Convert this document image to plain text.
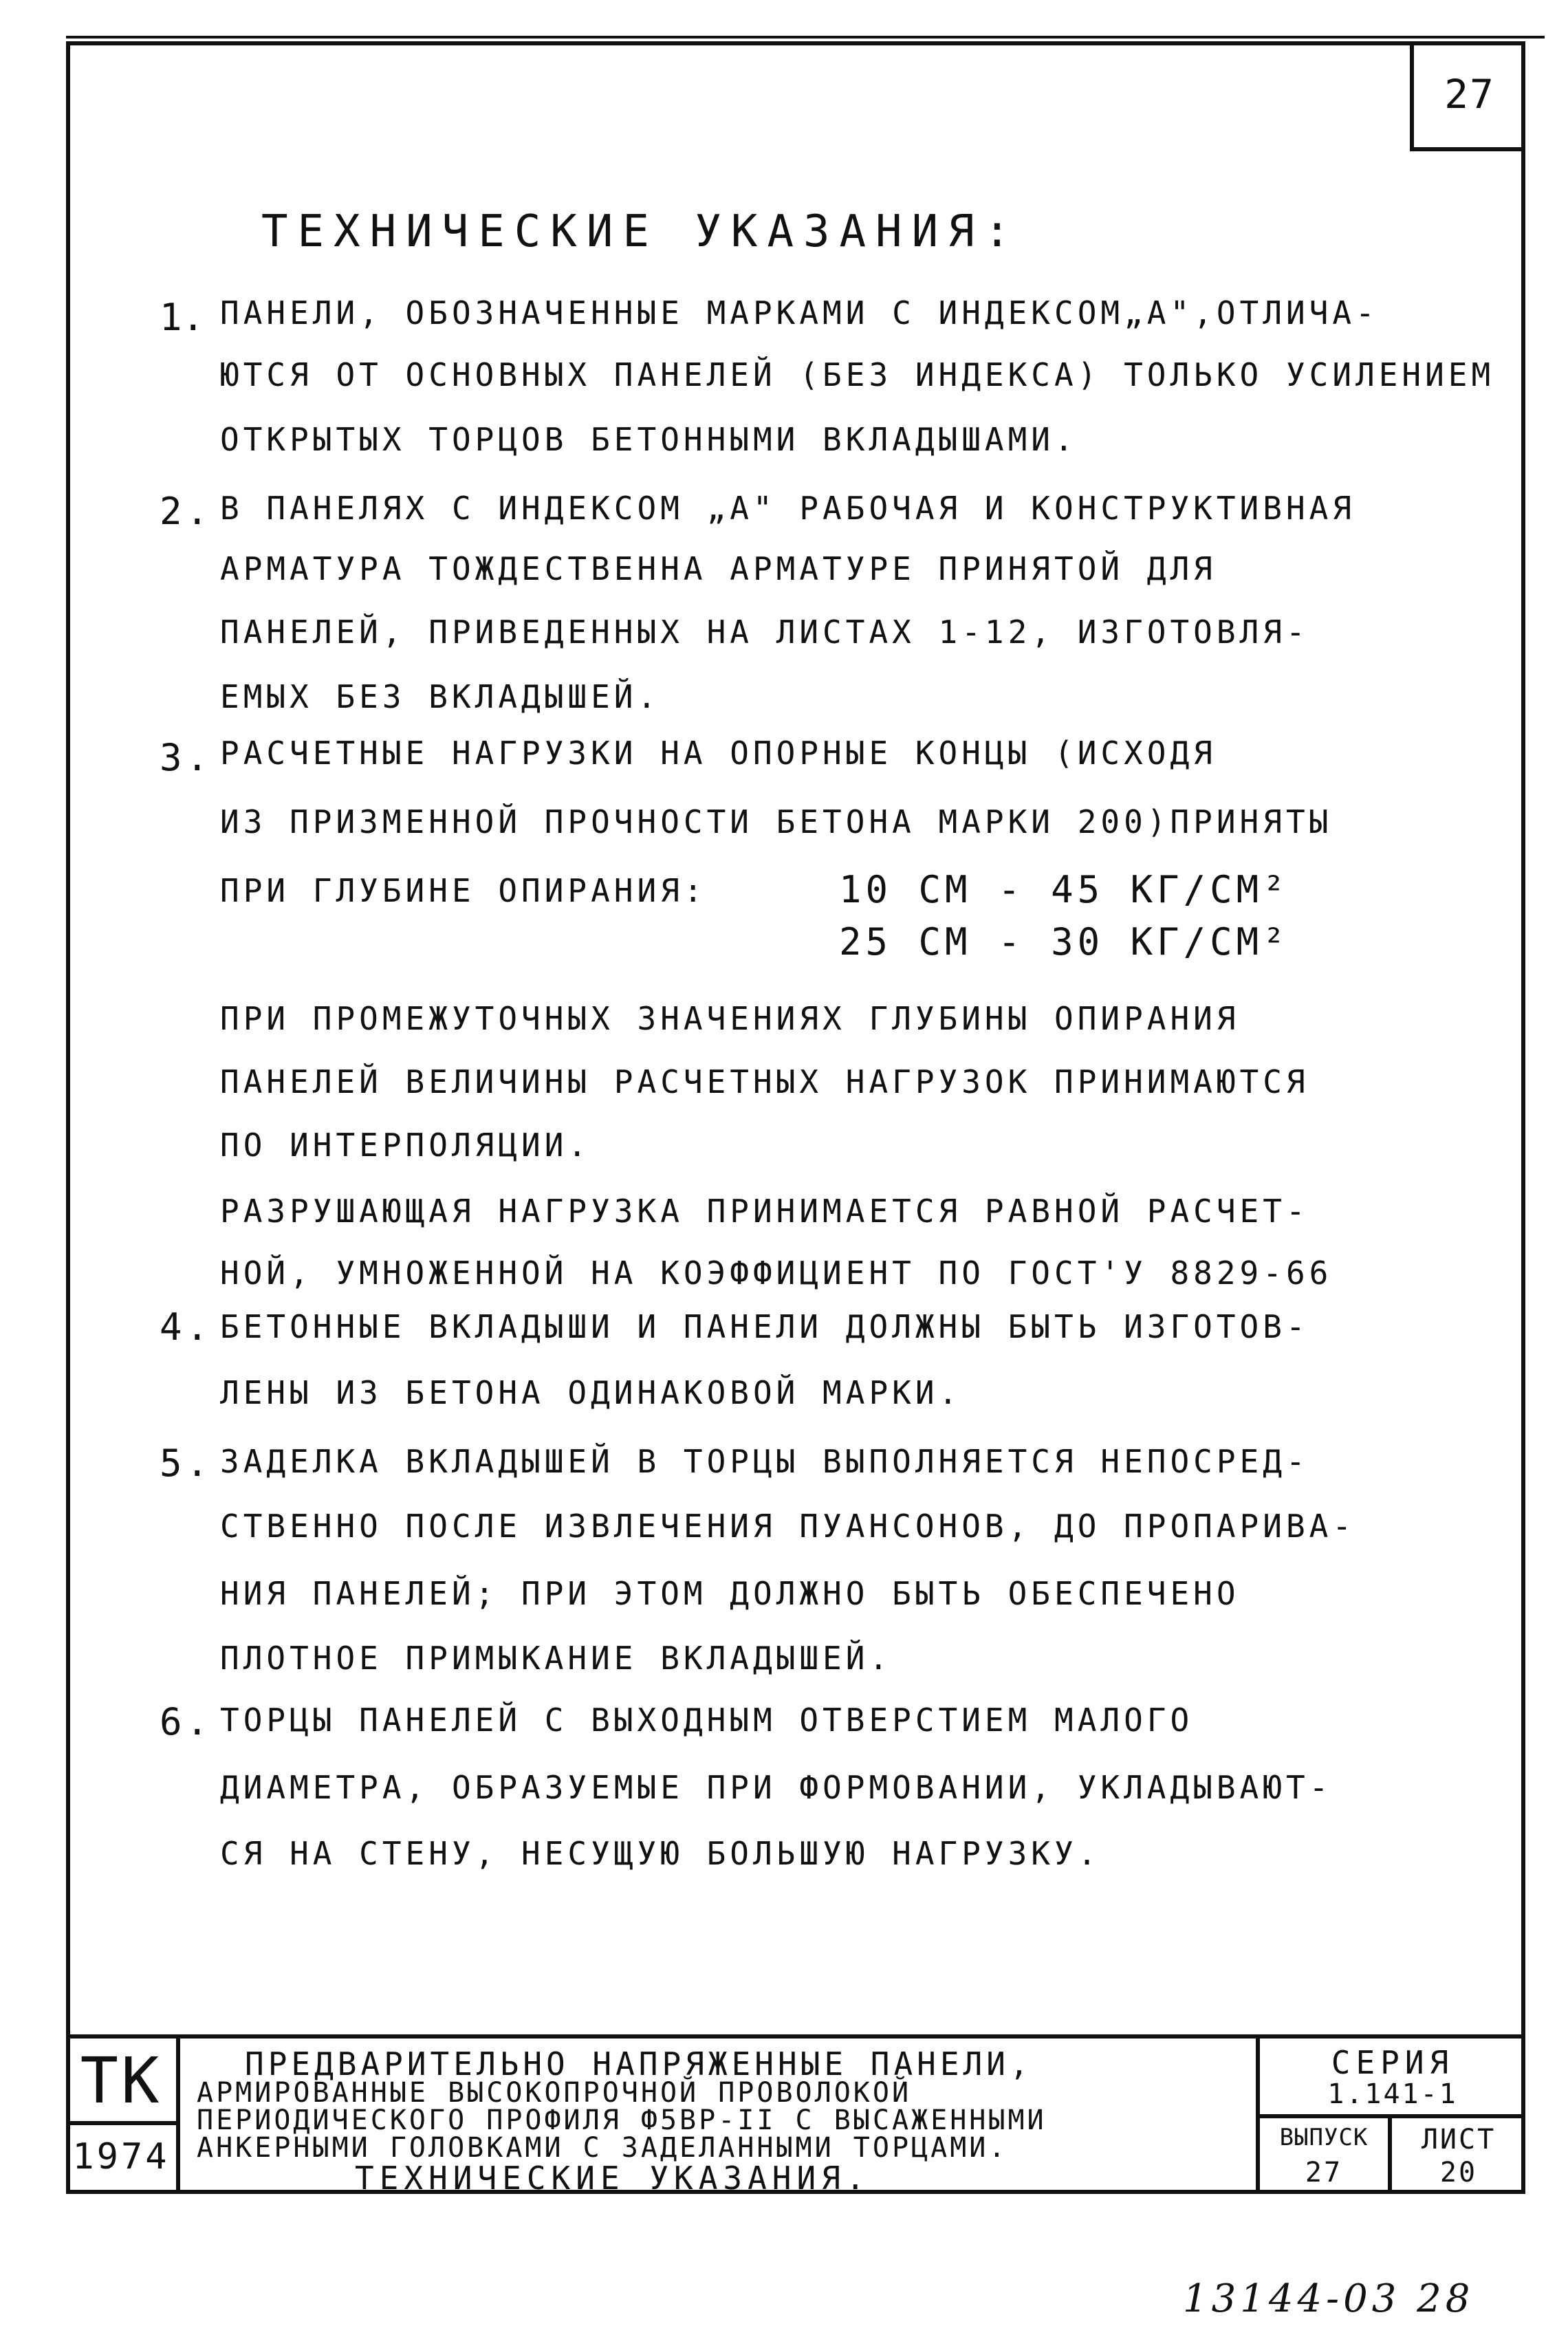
27
ТЕХНИЧЕСКИЕ УКАЗАНИЯ:
1. ПАНЕЛИ, ОБОЗНАЧЕННЫЕ МАРКАМИ С ИНДЕКСОМ„А",ОТЛИЧА-
ЮТСЯ ОТ ОСНОВНЫХ ПАНЕЛЕЙ (БЕЗ ИНДЕКСА) ТОЛЬКО УСИЛЕНИЕМ
ОТКРЫТЫХ ТОРЦОВ БЕТОННЫМИ ВКЛАДЫШАМИ.
2. В ПАНЕЛЯХ С ИНДЕКСОМ „А" РАБОЧАЯ И КОНСТРУКТИВНАЯ
АРМАТУРА ТОЖДЕСТВЕННА АРМАТУРЕ ПРИНЯТОЙ ДЛЯ
ПАНЕЛЕЙ, ПРИВЕДЕННЫХ НА ЛИСТАХ 1-12, ИЗГОТОВЛЯ-
ЕМЫХ БЕЗ ВКЛАДЫШЕЙ.
3. РАСЧЕТНЫЕ НАГРУЗКИ НА ОПОРНЫЕ КОНЦЫ (ИСХОДЯ
ИЗ ПРИЗМЕННОЙ ПРОЧНОСТИ БЕТОНА МАРКИ 200)ПРИНЯТЫ
ПРИ ГЛУБИНЕ ОПИРАНИЯ:	10 СМ - 45 КГ/СМ²
25 СМ - 30 КГ/СМ²
ПРИ ПРОМЕЖУТОЧНЫХ ЗНАЧЕНИЯХ ГЛУБИНЫ ОПИРАНИЯ
ПАНЕЛЕЙ ВЕЛИЧИНЫ РАСЧЕТНЫХ НАГРУЗОК ПРИНИМАЮТСЯ
ПО ИНТЕРПОЛЯЦИИ.
РАЗРУШАЮЩАЯ НАГРУЗКА ПРИНИМАЕТСЯ РАВНОЙ РАСЧЕТ-
НОЙ, УМНОЖЕННОЙ НА КОЭФФИЦИЕНТ ПО ГОСТ'У 8829-66
4. БЕТОННЫЕ ВКЛАДЫШИ И ПАНЕЛИ ДОЛЖНЫ БЫТЬ ИЗГОТОВ-
ЛЕНЫ ИЗ БЕТОНА ОДИНАКОВОЙ МАРКИ.
5. ЗАДЕЛКА ВКЛАДЫШЕЙ В ТОРЦЫ ВЫПОЛНЯЕТСЯ НЕПОСРЕД-
СТВЕННО ПОСЛЕ ИЗВЛЕЧЕНИЯ ПУАНСОНОВ, ДО ПРОПАРИВА-
НИЯ ПАНЕЛЕЙ; ПРИ ЭТОМ ДОЛЖНО БЫТЬ ОБЕСПЕЧЕНО
ПЛОТНОЕ ПРИМЫКАНИЕ ВКЛАДЫШЕЙ.
6. ТОРЦЫ ПАНЕЛЕЙ С ВЫХОДНЫМ ОТВЕРСТИЕМ МАЛОГО
ДИАМЕТРА, ОБРАЗУЕМЫЕ ПРИ ФОРМОВАНИИ, УКЛАДЫВАЮТ-
СЯ НА СТЕНУ, НЕСУЩУЮ БОЛЬШУЮ НАГРУЗКУ.
ТК
1974
ПРЕДВАРИТЕЛЬНО НАПРЯЖЕННЫЕ ПАНЕЛИ,
АРМИРОВАННЫЕ ВЫСОКОПРОЧНОЙ ПРОВОЛОКОЙ
ПЕРИОДИЧЕСКОГО ПРОФИЛЯ Ф5ВР-II С ВЫСАЖЕННЫМИ
АНКЕРНЫМИ ГОЛОВКАМИ С ЗАДЕЛАННЫМИ ТОРЦАМИ.
ТЕХНИЧЕСКИЕ УКАЗАНИЯ.
СЕРИЯ
1.141-1
ВЫПУСК
27
ЛИСТ
20
13144-03 28
